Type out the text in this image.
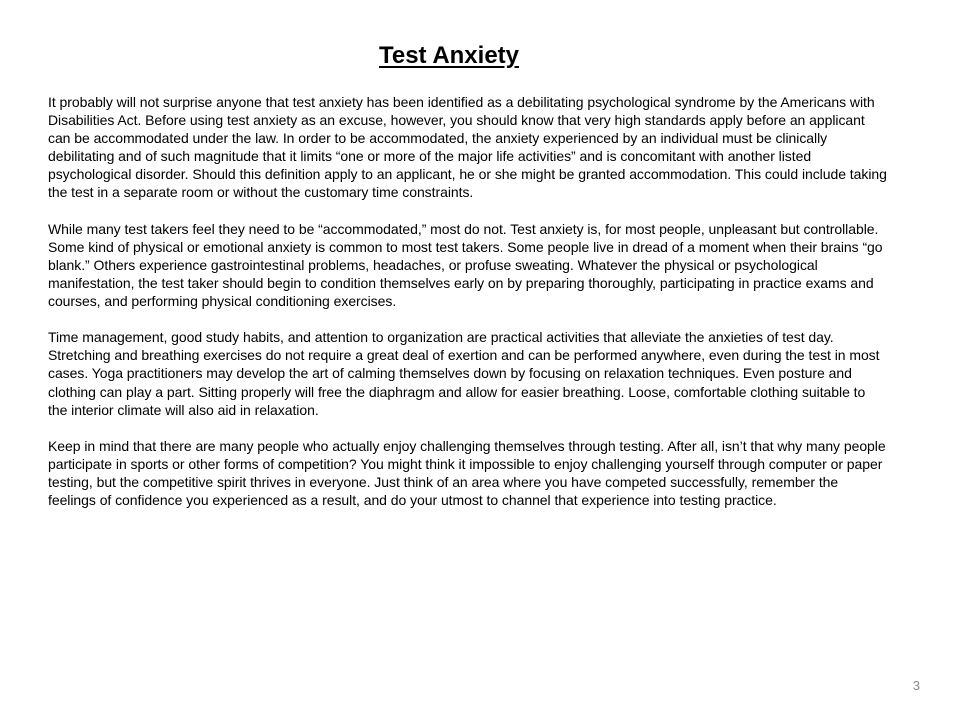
Test Anxiety

It probably will not surprise anyone that test anxiety has been identified as a debilitating psychological syndrome by the Americans with Disabilities Act. Before using test anxiety as an excuse, however, you should know that very high standards apply before an applicant can be accommodated under the law. In order to be accommodated, the anxiety experienced by an individual must be clinically debilitating and of such magnitude that it limits “one or more of the major life activities” and is concomitant with another listed psychological disorder. Should this definition apply to an applicant, he or she might be granted accommodation. This could include taking the test in a separate room or without the customary time constraints.

While many test takers feel they need to be “accommodated,” most do not. Test anxiety is, for most people, unpleasant but controllable. Some kind of physical or emotional anxiety is common to most test takers. Some people live in dread of a moment when their brains “go blank.” Others experience gastrointestinal problems, headaches, or profuse sweating. Whatever the physical or psychological manifestation, the test taker should begin to condition themselves early on by preparing thoroughly, participating in practice exams and courses, and performing physical conditioning exercises.

Time management, good study habits, and attention to organization are practical activities that alleviate the anxieties of test day. Stretching and breathing exercises do not require a great deal of exertion and can be performed anywhere, even during the test in most cases. Yoga practitioners may develop the art of calming themselves down by focusing on relaxation techniques. Even posture and clothing can play a part. Sitting properly will free the diaphragm and allow for easier breathing. Loose, comfortable clothing suitable to the interior climate will also aid in relaxation.

Keep in mind that there are many people who actually enjoy challenging themselves through testing. After all, isn’t that why many people participate in sports or other forms of competition? You might think it impossible to enjoy challenging yourself through computer or paper testing, but the competitive spirit thrives in everyone. Just think of an area where you have competed successfully, remember the feelings of confidence you experienced as a result, and do your utmost to channel that experience into testing practice.

3
